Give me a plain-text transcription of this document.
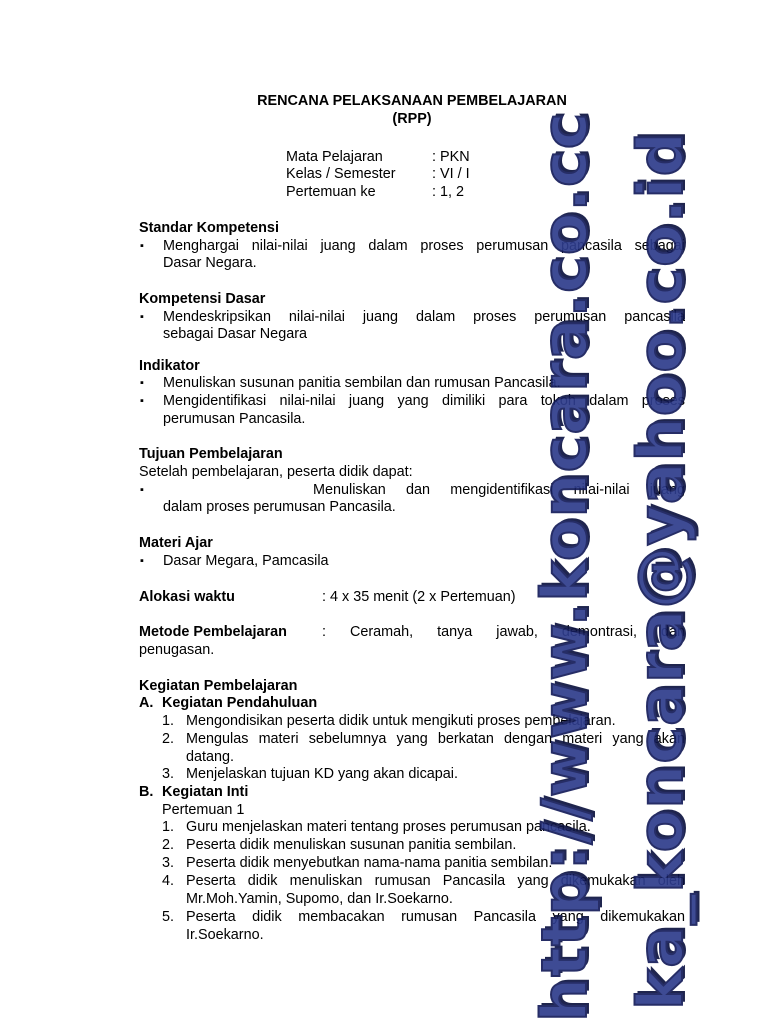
RENCANA PELAKSANAAN PEMBELAJARAN
(RPP)
Mata Pelajaran	: PKN
Kelas / Semester	: VI / I
Pertemuan ke	: 1, 2
Standar Kompetensi
▪ Menghargai nilai-nilai juang dalam proses perumusan pancasila sebagai
Dasar Negara.
Kompetensi Dasar
▪ Mendeskripsikan nilai-nilai juang dalam proses perumusan pancasila
sebagai Dasar Negara
Indikator
▪ Menuliskan susunan panitia sembilan dan rumusan Pancasila.
▪ Mengidentifikasi nilai-nilai juang yang dimiliki para tokoh dalam proses
perumusan Pancasila.
Tujuan Pembelajaran
Setelah pembelajaran, peserta didik dapat:
▪	Menuliskan dan mengidentifikasi nilai-nilai juang
dalam proses perumusan Pancasila.
Materi Ajar
▪ Dasar Megara, Pamcasila
Alokasi waktu	: 4 x 35 menit (2 x Pertemuan)
Metode Pembelajaran : Ceramah, tanya jawab, demontrasi, dan
penugasan.
Kegiatan Pembelajaran
A. Kegiatan Pendahuluan
1. Mengondisikan peserta didik untuk mengikuti proses pembelajaran.
2. Mengulas materi sebelumnya yang berkatan dengan materi yang akan
datang.
3. Menjelaskan tujuan KD yang akan dicapai.
B. Kegiatan Inti
Pertemuan 1
1. Guru menjelaskan materi tentang proses perumusan pancasila.
2. Peserta didik menuliskan susunan panitia sembilan.
3. Peserta didik menyebutkan nama-nama panitia sembilan.
4. Peserta didik menuliskan rumusan Pancasila yang dikemukakan oleh
Mr.Moh.Yamin, Supomo, dan Ir.Soekarno.
5. Peserta didik membacakan rumusan Pancasila yang dikemukakan
Ir.Soekarno.	http://www.koncara.co.cc ka_koncara@yahoo.co.id
